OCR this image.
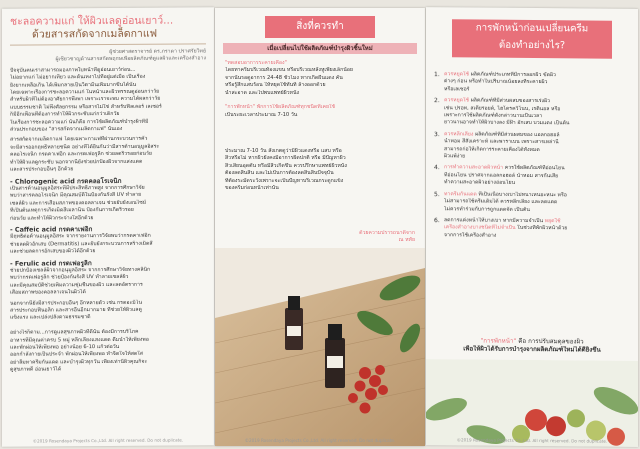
ชะลอความแก่ ให้ผิวแลดูอ่อนเยาว์...
ด้วยสารสกัดจากเมล็ดกาแฟ
ผู้ช่วยศาสตราจารย์ ดร.ภราดา ปราศรัยวิทย์
ผู้เชี่ยวชาญด้านสารสกัดพฤกษเพื่อผลิตภัณฑ์ดูแลผิวและเครื่องสำอาง
ปัจจุบันคนเราสามารถมองภาพใบหน้าที่ดูอ่อนเยาว์ก่อน...
ไม่อยากแก่ ไม่อยากเที่ยว และต้นเหงาไปที่อยู่แต่เมื่อ เป็นเรื่อง
ยิ่งยากเหลือเกิน ได้เพิ่มกลายเป็นวิตามินเพิ่มมากขึ้นได้นั้น
โดยเฉพาะเรื่องการชะลอความแก่ ในหน้าและผิวพรรณดูอ่อนกว่าวัย
สำหรับผิวที่ไม่ต้องอาศัยการพึ่งพา เพราะเราจะพบ ความได้ผลกว่าวัย
แบบธรรมชาติ ไม่พึ่งศัลยกรรม หรือสารไม่ใช่ สำหรับฟิลเลอร์ เลเซอร์
ก็มีอีกเพื่อนที่ต้องการทำให้ผิวกระชับแก่กว่าเด็กวัย
ในเรื่องการชะลอความแก่ นั้นก็คือ การใช้ผลิตภัณฑ์บำรุงผิวที่มี
ส่วนประกอบของ "สารสกัดจากเมล็ดกาแฟ" นั่นเอง
สารสกัดจากเมล็ดกาแฟ โดยเฉพาะกาแฟที่ผ่านกระบวนการคั่ว
จะมีสารออกฤทธิ์หลายชนิด อย่างที่ได้ยินกันว่ามีสารต้านอนุมูลอิสระ
คลอโรเจนิก กรดคาเฟอิก และกรดเฟอรูลิก ช่วยลดริ้วรอยก่อนวัย
ทำให้ผิวแลดูกระชับ นอกจากนี้ยังช่วยปกป้องผิวจากแสงแดด
และสารประกอบอื่นๆ อีกด้วย
- Chlorogenic acid กรดคลอโรเจนิก
เป็นสารต้านอนุมูลอิสระที่มีประสิทธิภาพสูง จากการศึกษาวิจัย
พบว่าสารคลอโรเจนิก มีคุณสมบัติในป้องกันรังสี UV ทำลาย
เซลล์ผิว และการเสื่อมสภาพของคอลลาเจน ช่วยยับยั้งเอนไซม์
ที่เป็นต้นเหตุการเกิดเม็ดสีเมลานิน ป้องกันการเกิดริ้วรอย
ก่อนวัย และทำให้ผิวกระจ่างใสอีกด้วย
- Caffeic acid กรดคาเฟอิก
มีฤทธิ์ต่อต้านอนุมูลอิสระ จากรายงานการวิจัยพบว่ากรดคาเฟอิก
ช่วยลดผิวอักเสบ (Dermatitis) และยับยั้งกระบวนการสร้างเม็ดสี
และช่วยลดการอักเสบของผิวได้อีกด้วย
- Ferulic acid กรดเฟอรูลิก
ช่วยปกป้องเซลล์ผิวจากอนุมูลอิสระ จากการศึกษาวิจัยทางคลินิก
พบว่ากรดเฟอรูลิก ช่วยป้องกันรังสี UV ทำลายเซลล์ผิว
และมีคุณสมบัติช่วยเพิ่มความชุ่มชื้นของผิว และลดอัตราการ
เสื่อมสภาพของคอลลาเจนในผิวได้
นอกจากนี้ยังมีสารประกอบอื่นๆ อีกหลายตัว เช่น กรดอะมิโน
สารประกอบฟีนอลิก และสารอื่นอีกมากมาย ที่ช่วยให้ผิวแลดู
แข็งแรง และเปล่งปลั่งตามธรรมชาติ

อย่างไรก็ตาม...การดูแลสุขภาพผิวที่ดีนั้น ต้องมีการบริโภค
อาหารที่มีคุณค่าครบ 5 หมู่ หลีกเลี่ยงแสงแดด ดื่มน้ำให้เพียงพอ
และพักผ่อนให้เพียงพอ อย่างน้อย 6-10 แก้วต่อวัน
ออกกำลังกายเป็นประจำ พักผ่อนให้เพียงพอ ทำจิตใจให้สดใส
อย่าลืมทาครีมกันแดด และบำรุงผิวทุกวัน เพียงเท่านี้ผิวคุณก็จะ
ดูสุขภาพดี อ่อนเยาว์ได้
©2019 Rosendaya Projects Co.,Ltd. All right reserved. Do not duplicate.
สิ่งที่ควรทำ
เมื่อเปลี่ยนไปใช้ผลิตภัณฑ์บำรุงผิวชิ้นใหม่
"ทดสอบอาการระคายเคือง"
โดยทาครีมบริเวณท้องแขน หรือบริเวณหลังหูเพียงเล็กน้อย
จากนั้นรอดูอาการ 24-48 ชั่วโมง หากเกิดผื่นแดง คัน
หรือรู้สึกแสบร้อน ให้หยุดใช้ทันที ล้างออกด้วย
น้ำสะอาด และไปพบแพทย์ผิวหนัง

"การพักหน้า" พักการใช้ผลิตภัณฑ์ทุกชนิดที่เคยใช้
เป็นระยะเวลาประมาณ 7-10 วัน
ประมาณ 7-10 วัน สังเกตดูว่ามีผิวแดงหรือ แสบ หรือ
สิวหรือไม่ หากผิวยังคงมีอาการผิดปกติ หรือ มีปัญหาผิว
สิวเสี้ยนอุดตัน หรือมีสิวเกิดขึ้น ควรปรึกษาแพทย์ผิวหนัง
ต้องลดสิ้นสิ้น และไม่เป็นการต้องลดสิ้นสิ้นปัจจุบัน
ที่ต้องระมัดระวังเพราะจะเป็นปัญหาบริเวณกระดูกแข็ง
ของครีมก่อนหน้าเท่านั้น
ด้วยความปรารถนาดีจาก
ณ หทัย
©2019 Rosendaya Projects Co.,Ltd. All right reserved. Do not duplicate.
การพักหน้าก่อนเปลี่ยนครีม
ต้องทำอย่างไร?
1. ควรหยุดใช้ ผลิตภัณฑ์ประเภทที่มีการลอกผิว ขัดผิว
ต่างๆ ก่อน หรือทำในปริมาณน้อยลงที่ระคายผิว
หรือเลเซอร์
2. ควรหยุดใช้ ผลิตภัณฑ์ที่มีส่วนผสมของสารเร่งผิว
เช่น ปรอท, สเตียรอยด์, ไฮโดรควิโนน, เรตินอล หรือ
เพราะการใช้ผลิตภัณฑ์ดังกล่าวนานเป็นเวลา
ยาวนานอาจทำให้ผิวบางลง มีฝ้า อักเสบ บวมแดง เป็นต้น
3. ควรหลีกเลี่ยง ผลิตภัณฑ์ที่มีส่วนผสมของ แอลกอฮอล์
น้ำหอม สีสังเคราะห์ และพาราเบน เพราะสารเหล่านี้
สามารถก่อให้เกิดการระคายเคืองได้ทั้งหมด
ผิวแพ้ง่าย
4. การทำความสะอาดผิวหน้า ควรใช้ผลิตภัณฑ์ที่อ่อนโยน
ที่อ่อนโยน ปราศจากแอลกอฮอล์ น้ำหอม สารกันเสีย
ทำความสะอาดผิวอย่างอ่อนโยน
5. ทาครีมกันแดด ที่เป็นเนื้อบางเบาไม่หนาเหนอะหนะ หรือ
ไม่สามารถใช้ครีมเดิมได้ ควรหลีกเลี่ยง และลดแดด
ไม่ควรทำร่วมกับการถูกแดดจัด เป็นต้น
6. ลดการแต่งหน้าให้บางเบา หากมีความจำเป็น หยุดใช้
เครื่องสำอางบางชนิดที่ไม่จำเป็น ในช่วงที่พักผิวหน้าด้วย
จากการใช้เครื่องสำอาง
"การพักหน้า" คือ การปรับสมดุลของผิว
เพื่อให้ผิวได้รับการบำรุงจากผลิตภัณฑ์ใหม่ได้ดียิ่งขึ้น
©2019 Rosendaya Projects Co.,Ltd. All right reserved. Do not duplicate.
